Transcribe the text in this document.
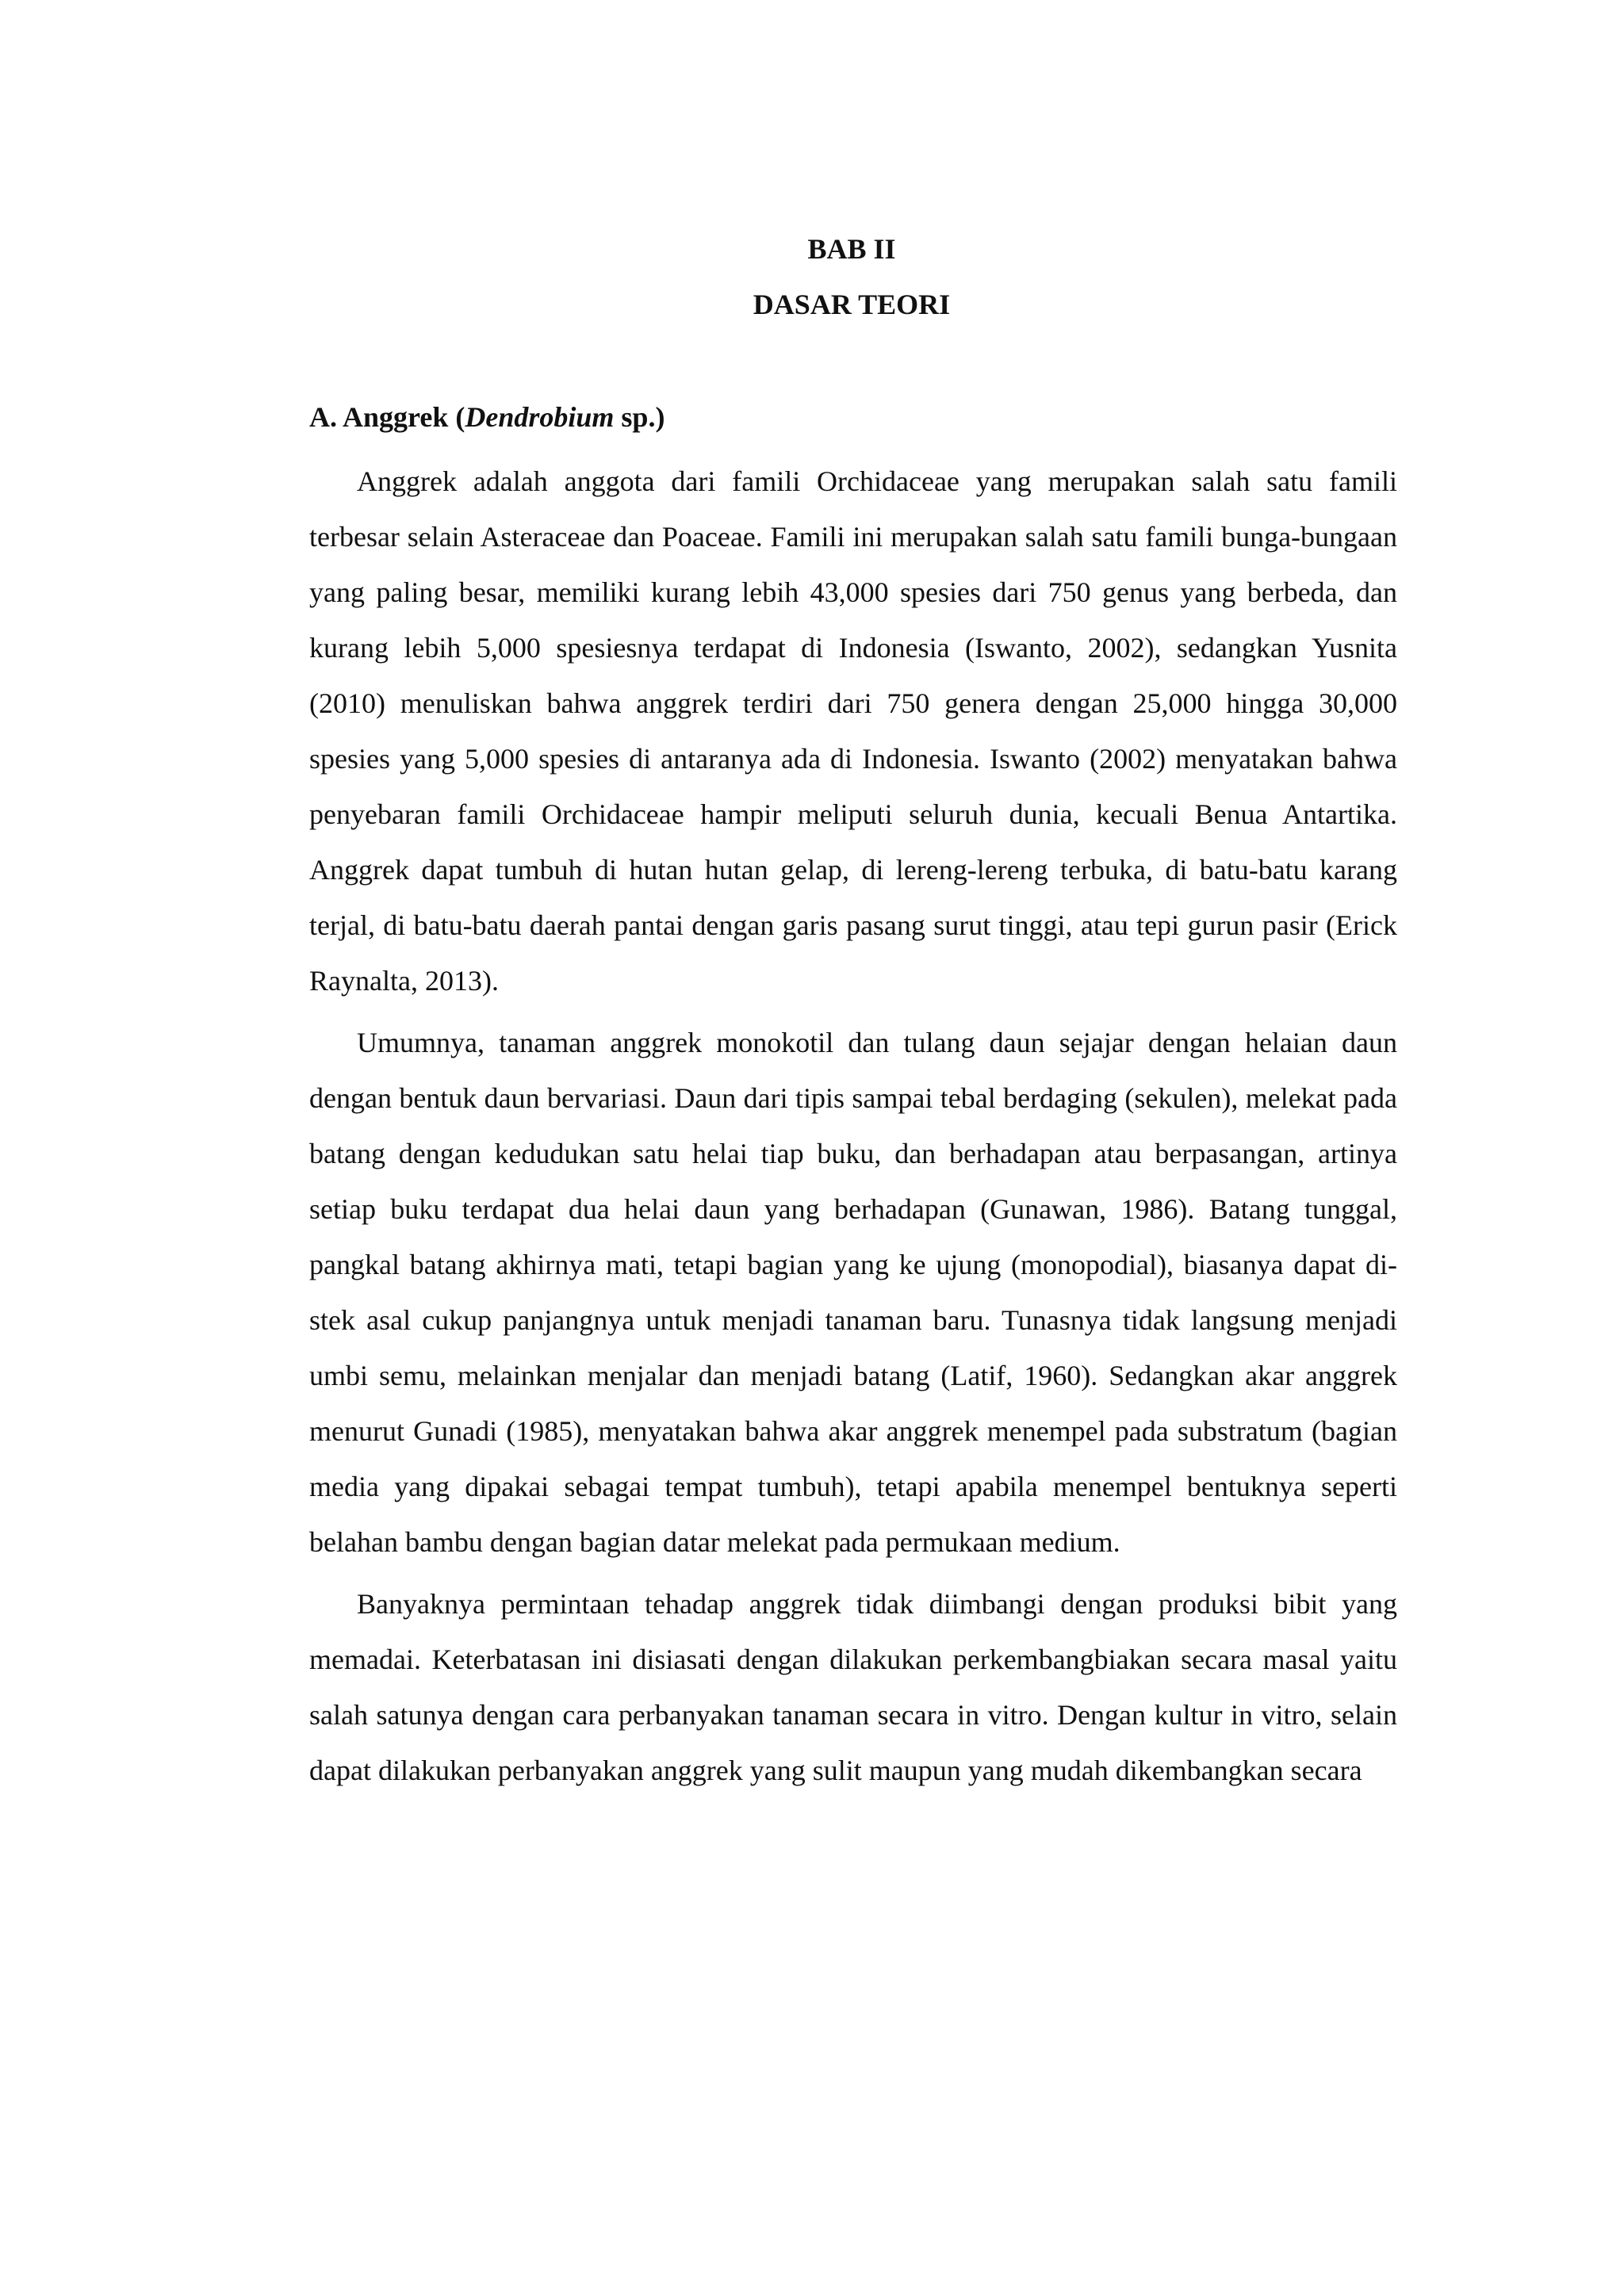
BAB II
DASAR TEORI
A. Anggrek (Dendrobium sp.)

Anggrek adalah anggota dari famili Orchidaceae yang merupakan salah satu famili terbesar selain Asteraceae dan Poaceae. Famili ini merupakan salah satu famili bunga-bungaan yang paling besar, memiliki kurang lebih 43,000 spesies dari 750 genus yang berbeda, dan kurang lebih 5,000 spesiesnya terdapat di Indonesia (Iswanto, 2002), sedangkan Yusnita (2010) menuliskan bahwa anggrek terdiri dari 750 genera dengan 25,000 hingga 30,000 spesies yang 5,000 spesies di antaranya ada di Indonesia. Iswanto (2002) menyatakan bahwa penyebaran famili Orchidaceae hampir meliputi seluruh dunia, kecuali Benua Antartika. Anggrek dapat tumbuh di hutan hutan gelap, di lereng-lereng terbuka, di batu-batu karang terjal, di batu-batu daerah pantai dengan garis pasang surut tinggi, atau tepi gurun pasir (Erick Raynalta, 2013).

Umumnya, tanaman anggrek monokotil dan tulang daun sejajar dengan helaian daun dengan bentuk daun bervariasi. Daun dari tipis sampai tebal berdaging (sekulen), melekat pada batang dengan kedudukan satu helai tiap buku, dan berhadapan atau berpasangan, artinya setiap buku terdapat dua helai daun yang berhadapan (Gunawan, 1986). Batang tunggal, pangkal batang akhirnya mati, tetapi bagian yang ke ujung (monopodial), biasanya dapat di-stek asal cukup panjangnya untuk menjadi tanaman baru. Tunasnya tidak langsung menjadi umbi semu, melainkan menjalar dan menjadi batang (Latif, 1960). Sedangkan akar anggrek menurut Gunadi (1985), menyatakan bahwa akar anggrek menempel pada substratum (bagian media yang dipakai sebagai tempat tumbuh), tetapi apabila menempel bentuknya seperti belahan bambu dengan bagian datar melekat pada permukaan medium.

Banyaknya permintaan tehadap anggrek tidak diimbangi dengan produksi bibit yang memadai. Keterbatasan ini disiasati dengan dilakukan perkembangbiakan secara masal yaitu salah satunya dengan cara perbanyakan tanaman secara in vitro. Dengan kultur in vitro, selain dapat dilakukan perbanyakan anggrek yang sulit maupun yang mudah dikembangkan secara
